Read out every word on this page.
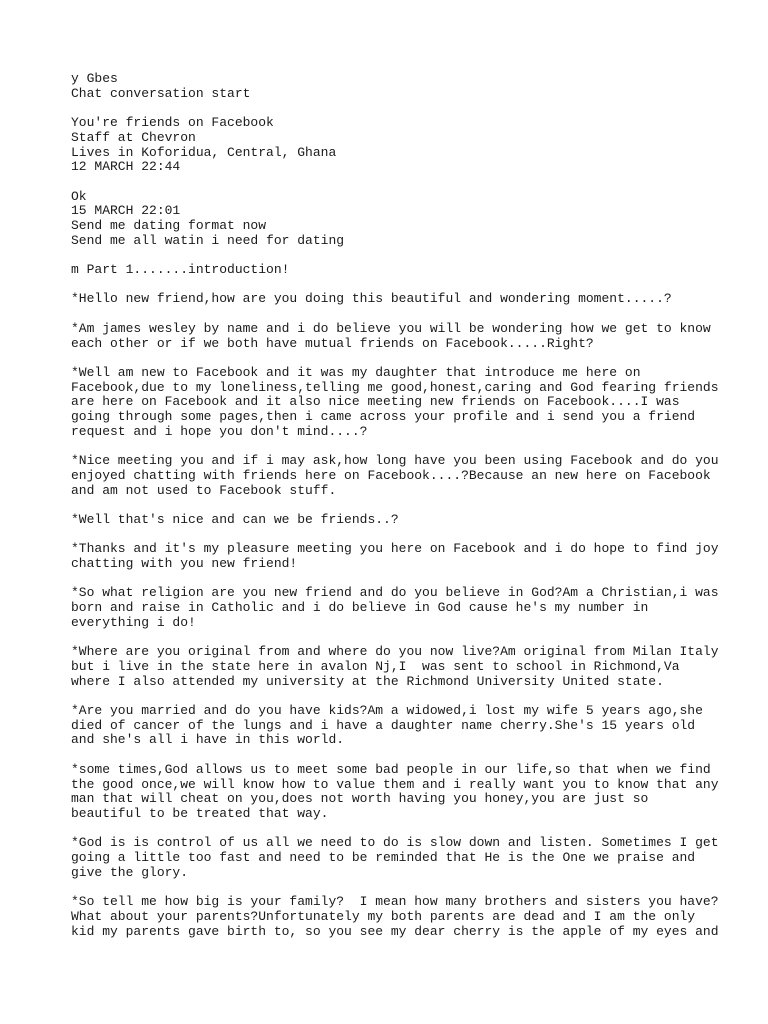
y Gbes
Chat conversation start
You're friends on Facebook
Staff at Chevron
Lives in Koforidua, Central, Ghana
12 MARCH 22:44
Ok
15 MARCH 22:01
Send me dating format now
Send me all watin i need for dating
m Part 1.......introduction!
*Hello new friend,how are you doing this beautiful and wondering moment.....?
*Am james wesley by name and i do believe you will be wondering how we get to know
each other or if we both have mutual friends on Facebook.....Right?
*Well am new to Facebook and it was my daughter that introduce me here on
Facebook,due to my loneliness,telling me good,honest,caring and God fearing friends
are here on Facebook and it also nice meeting new friends on Facebook....I was
going through some pages,then i came across your profile and i send you a friend
request and i hope you don't mind....?
*Nice meeting you and if i may ask,how long have you been using Facebook and do you
enjoyed chatting with friends here on Facebook....?Because an new here on Facebook
and am not used to Facebook stuff.
*Well that's nice and can we be friends..?
*Thanks and it's my pleasure meeting you here on Facebook and i do hope to find joy
chatting with you new friend!
*So what religion are you new friend and do you believe in God?Am a Christian,i was
born and raise in Catholic and i do believe in God cause he's my number in
everything i do!
*Where are you original from and where do you now live?Am original from Milan Italy
but i live in the state here in avalon Nj,I  was sent to school in Richmond,Va
where I also attended my university at the Richmond University United state.
*Are you married and do you have kids?Am a widowed,i lost my wife 5 years ago,she
died of cancer of the lungs and i have a daughter name cherry.She's 15 years old
and she's all i have in this world.
*some times,God allows us to meet some bad people in our life,so that when we find
the good once,we will know how to value them and i really want you to know that any
man that will cheat on you,does not worth having you honey,you are just so
beautiful to be treated that way.
*God is is control of us all we need to do is slow down and listen. Sometimes I get
going a little too fast and need to be reminded that He is the One we praise and
give the glory.
*So tell me how big is your family?  I mean how many brothers and sisters you have?
What about your parents?Unfortunately my both parents are dead and I am the only
kid my parents gave birth to, so you see my dear cherry is the apple of my eyes and
